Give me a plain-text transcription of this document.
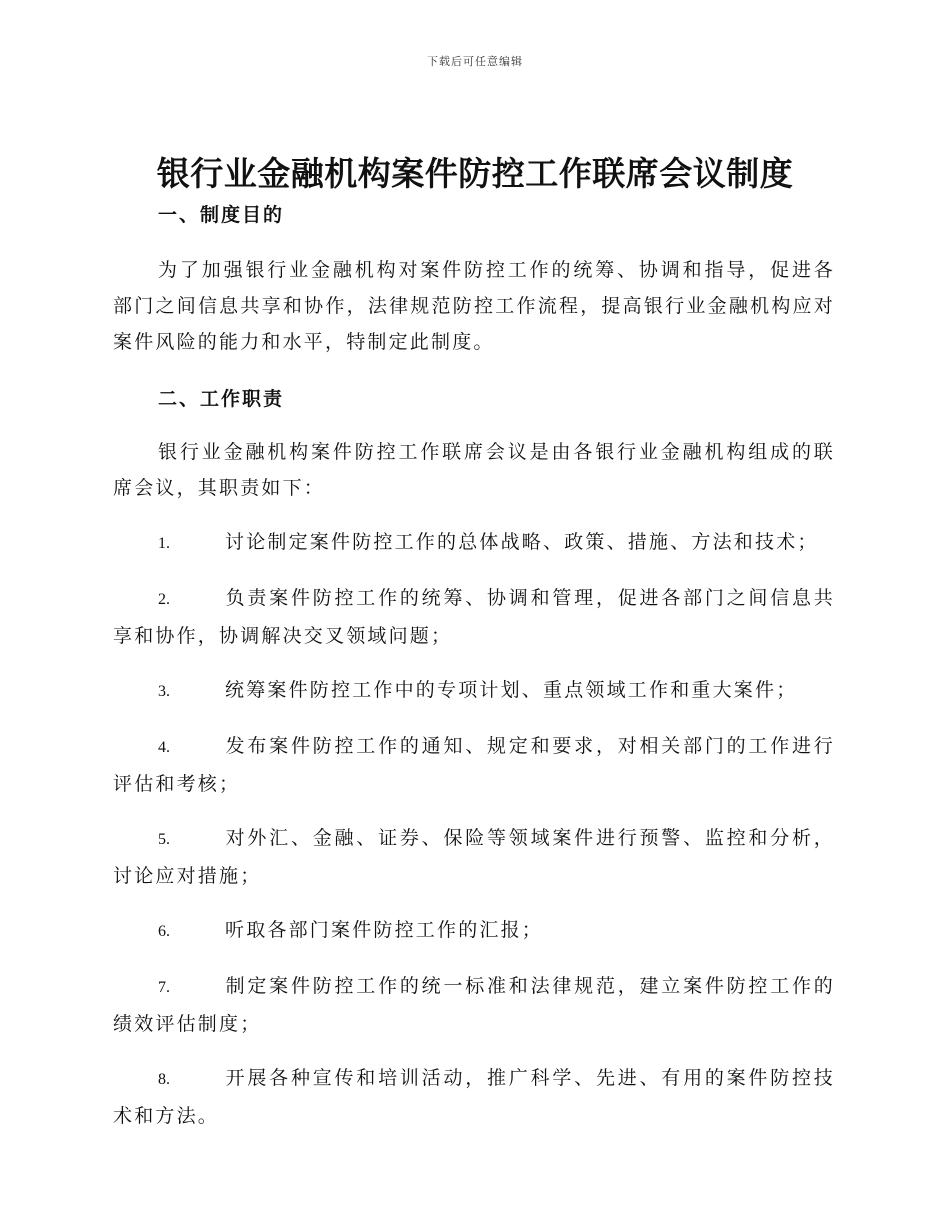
下载后可任意编辑
银行业金融机构案件防控工作联席会议制度
一、制度目的

为了加强银行业金融机构对案件防控工作的统筹、协调和指导，促进各部门之间信息共享和协作，法律规范防控工作流程，提高银行业金融机构应对案件风险的能力和水平，特制定此制度。

二、工作职责

银行业金融机构案件防控工作联席会议是由各银行业金融机构组成的联席会议，其职责如下：

1.	讨论制定案件防控工作的总体战略、政策、措施、方法和技术；

2.	负责案件防控工作的统筹、协调和管理，促进各部门之间信息共享和协作，协调解决交叉领域问题；

3.	统筹案件防控工作中的专项计划、重点领域工作和重大案件；

4.	发布案件防控工作的通知、规定和要求，对相关部门的工作进行评估和考核；

5.	对外汇、金融、证券、保险等领域案件进行预警、监控和分析，讨论应对措施；

6.	听取各部门案件防控工作的汇报；

7.	制定案件防控工作的统一标准和法律规范，建立案件防控工作的绩效评估制度；

8.	开展各种宣传和培训活动，推广科学、先进、有用的案件防控技术和方法。
